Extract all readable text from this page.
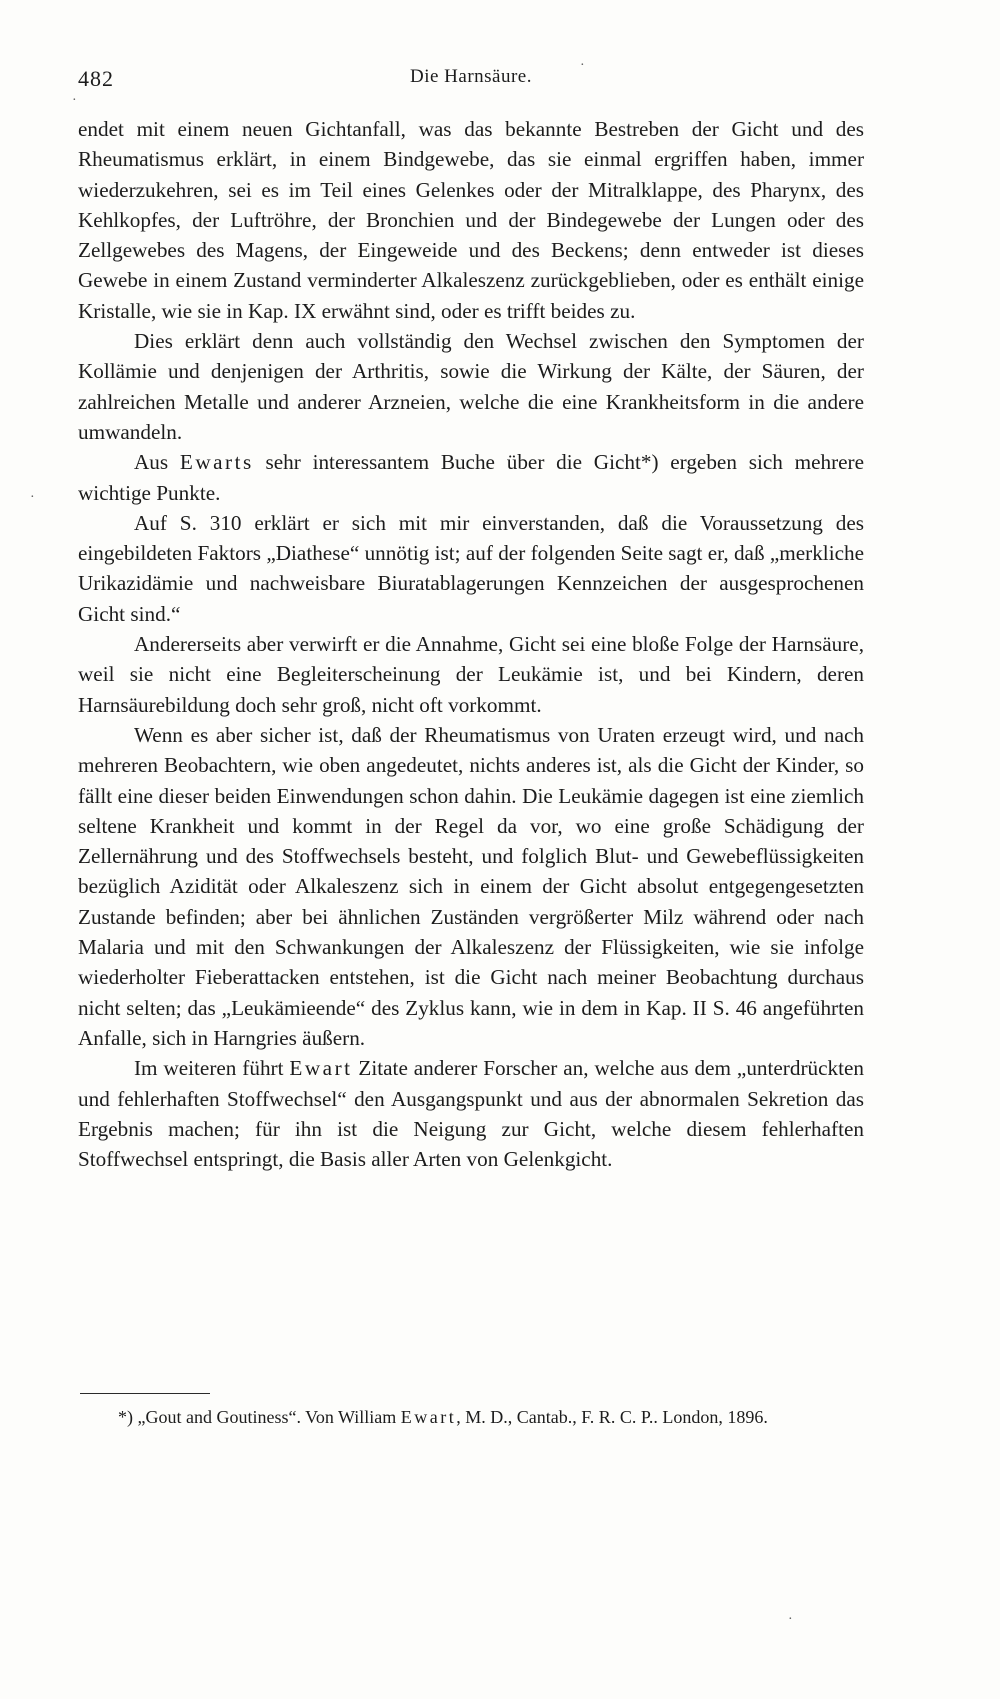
482	Die Harnsäure.

endet mit einem neuen Gichtanfall, was das bekannte Bestreben der Gicht und des Rheumatismus erklärt, in einem Bindgewebe, das sie einmal ergriffen haben, immer wiederzukehren, sei es im Teil eines Gelenkes oder der Mitralklappe, des Pharynx, des Kehlkopfes, der Luftröhre, der Bronchien und der Bindegewebe der Lungen oder des Zellgewebes des Magens, der Eingeweide und des Beckens; denn entweder ist dieses Gewebe in einem Zustand verminderter Alkaleszenz zurückgeblieben, oder es enthält einige Kristalle, wie sie in Kap. IX erwähnt sind, oder es trifft beides zu.

Dies erklärt denn auch vollständig den Wechsel zwischen den Symptomen der Kollämie und denjenigen der Arthritis, sowie die Wirkung der Kälte, der Säuren, der zahlreichen Metalle und anderer Arzneien, welche die eine Krankheitsform in die andere umwandeln.

Aus Ewarts sehr interessantem Buche über die Gicht*) ergeben sich mehrere wichtige Punkte.

Auf S. 310 erklärt er sich mit mir einverstanden, daß die Voraussetzung des eingebildeten Faktors „Diathese“ unnötig ist; auf der folgenden Seite sagt er, daß „merkliche Urikazidämie und nachweisbare Biuratablagerungen Kennzeichen der ausgesprochenen Gicht sind.“

Andererseits aber verwirft er die Annahme, Gicht sei eine bloße Folge der Harnsäure, weil sie nicht eine Begleiterscheinung der Leukämie ist, und bei Kindern, deren Harnsäurebildung doch sehr groß, nicht oft vorkommt.

Wenn es aber sicher ist, daß der Rheumatismus von Uraten erzeugt wird, und nach mehreren Beobachtern, wie oben angedeutet, nichts anderes ist, als die Gicht der Kinder, so fällt eine dieser beiden Einwendungen schon dahin. Die Leukämie dagegen ist eine ziemlich seltene Krankheit und kommt in der Regel da vor, wo eine große Schädigung der Zellernährung und des Stoffwechsels besteht, und folglich Blut- und Gewebeflüssigkeiten bezüglich Azidität oder Alkaleszenz sich in einem der Gicht absolut entgegengesetzten Zustande befinden; aber bei ähnlichen Zuständen vergrößerter Milz während oder nach Malaria und mit den Schwankungen der Alkaleszenz der Flüssigkeiten, wie sie infolge wiederholter Fieberattacken entstehen, ist die Gicht nach meiner Beobachtung durchaus nicht selten; das „Leukämieende“ des Zyklus kann, wie in dem in Kap. II S. 46 angeführten Anfalle, sich in Harngries äußern.

Im weiteren führt Ewart Zitate anderer Forscher an, welche aus dem „unterdrückten und fehlerhaften Stoffwechsel“ den Ausgangspunkt und aus der abnormalen Sekretion das Ergebnis machen; für ihn ist die Neigung zur Gicht, welche diesem fehlerhaften Stoffwechsel entspringt, die Basis aller Arten von Gelenkgicht.

*) „Gout and Goutiness“. Von William Ewart, M. D., Cantab., F. R. C. P.. London, 1896.

·
·
·
·
